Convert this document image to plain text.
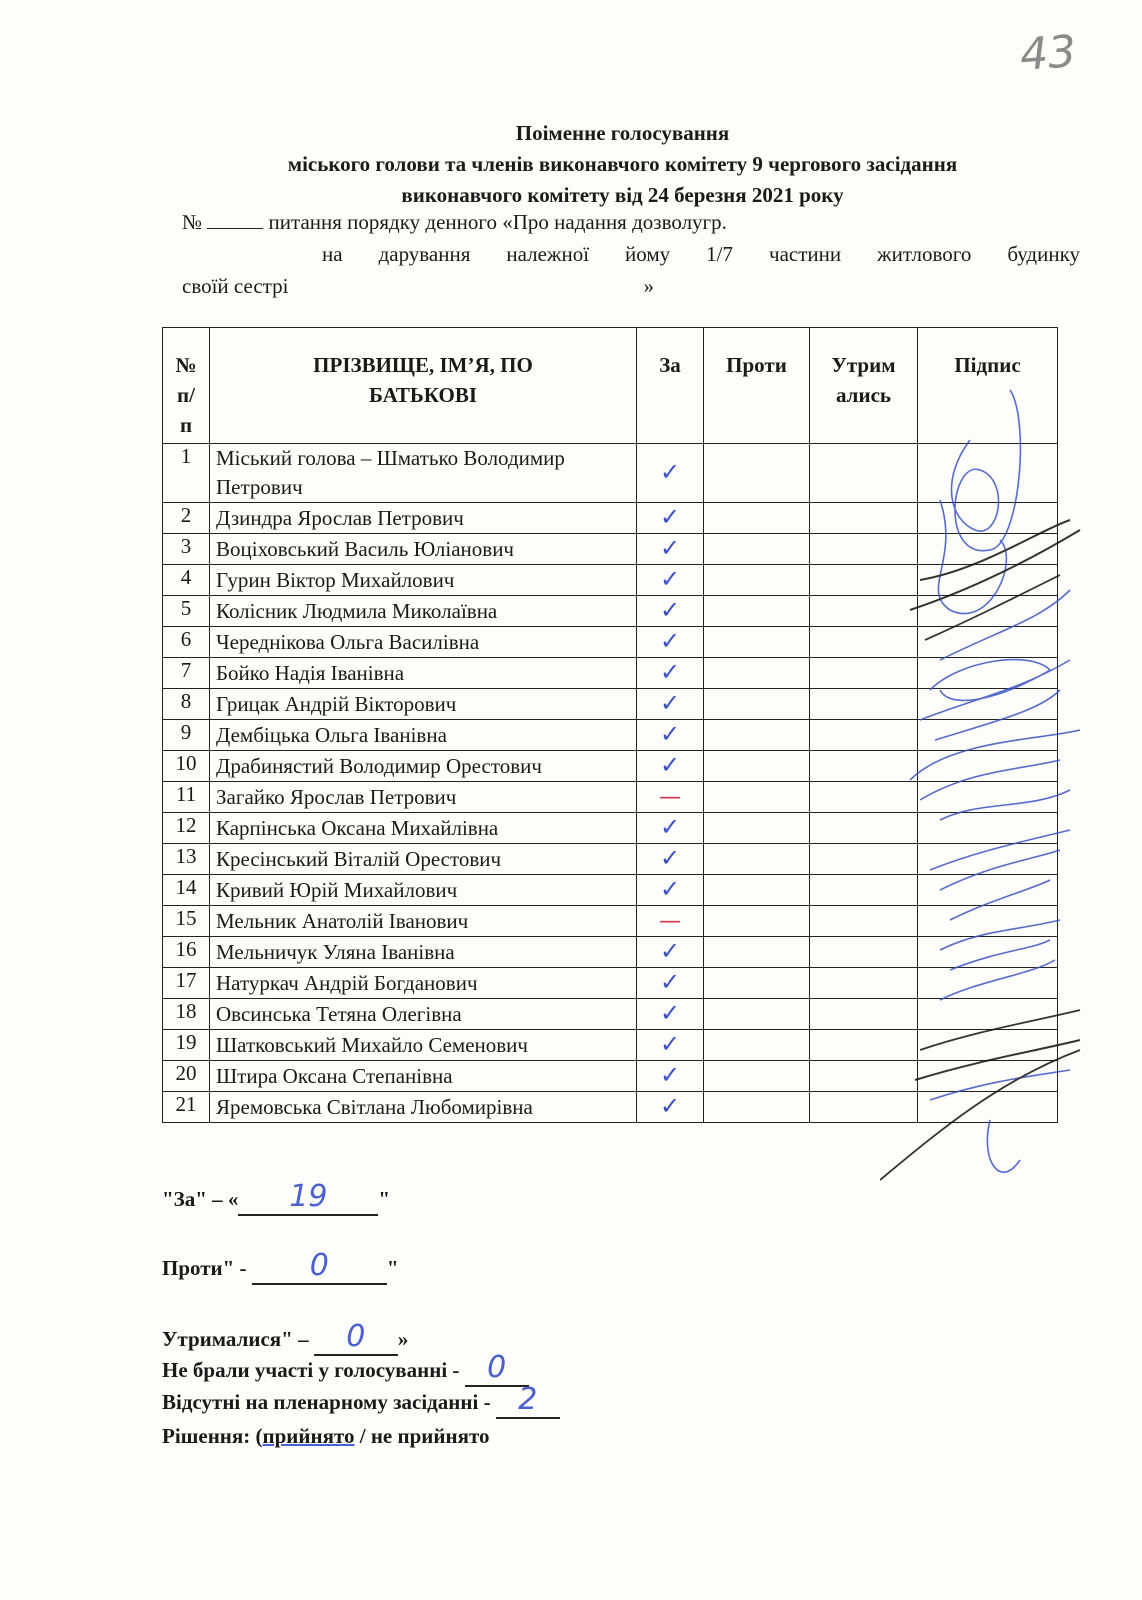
43
Поіменне голосування
міського голови та членів виконавчого комітету 9 чергового засідання
виконавчого комітету від 24 березня 2021 року
№	питання порядку денного «Про надання дозволугр.
на дарування належної йому 1/7 частини житлового будинку
своїй сестрі	»
№ п/п	ПРІЗВИЩЕ, ІМ’Я, ПО БАТЬКОВІ	За	Проти	Утрим ались	Підпис
1	Міський голова – Шматько Володимир Петрович	✓			
2	Дзиндра Ярослав Петрович	✓			
3	Воціховський Василь Юліанович	✓			
4	Гурин Віктор Михайлович	✓			
5	Колісник Людмила Миколаївна	✓			
6	Череднікова Ольга Василівна	✓			
7	Бойко Надія Іванівна	✓			
8	Грицак Андрій Вікторович	✓			
9	Дембіцька Ольга Іванівна	✓			
10	Драбинястий Володимир Орестович	✓			
11	Загайко Ярослав Петрович	—			
12	Карпінська Оксана Михайлівна	✓			
13	Кресінський Віталій Орестович	✓			
14	Кривий Юрій Михайлович	✓			
15	Мельник Анатолій Іванович	—			
16	Мельничук Уляна Іванівна	✓			
17	Натуркач Андрій Богданович	✓			
18	Овсинська Тетяна Олегівна	✓			
19	Шатковський Михайло Семенович	✓			
20	Штира Оксана Степанівна	✓			
21	Яремовська Світлана Любомирівна	✓			
"За" – « 19 "
Проти" - 0	"
Утрималися" – 0 »
Не брали участі у голосуванні - 0
Відсутні на пленарному засіданні - 2
Рішення: (прийнято / не прийнято
